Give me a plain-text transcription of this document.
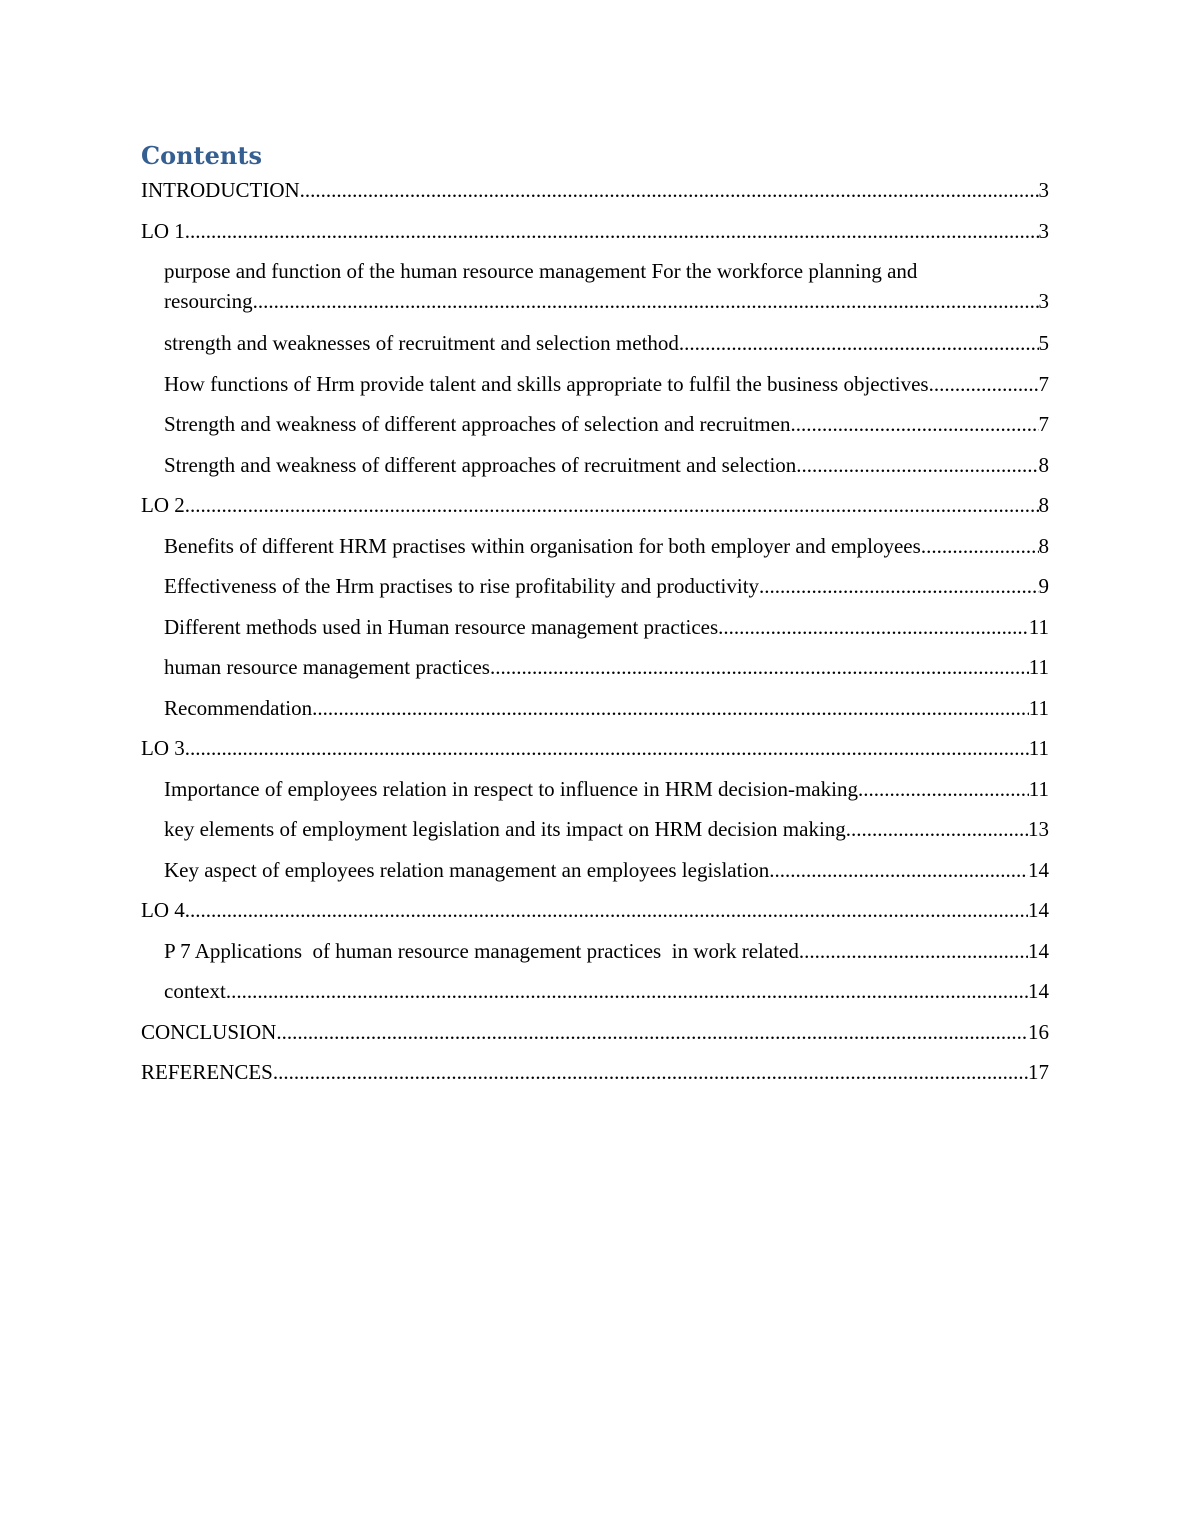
Contents
INTRODUCTION .....	3
LO 1 .....	3
purpose and function of the human resource management For the workforce planning and
resourcing .....	3
strength and weaknesses of recruitment and selection method .....	5
How functions of Hrm provide talent and skills appropriate to fulfil the business objectives .....	7
Strength and weakness of different approaches of selection and recruitmen .....	7
Strength and weakness of different approaches of recruitment and selection .....	8
LO 2 .....	8
Benefits of different HRM practises within organisation for both employer and employees .....	8
Effectiveness of the Hrm practises to rise profitability and productivity .....	9
Different methods used in Human resource management practices .....	11
human resource management practices .....	11
Recommendation .....	11
LO 3 .....	11
Importance of employees relation in respect to influence in HRM decision-making .....	11
key elements of employment legislation and its impact on HRM decision making .....	13
Key aspect of employees relation management an employees legislation .....	14
LO 4 .....	14
P 7 Applications  of human resource management practices  in work related .....	14
context .....	14
CONCLUSION .....	16
REFERENCES .....	17
